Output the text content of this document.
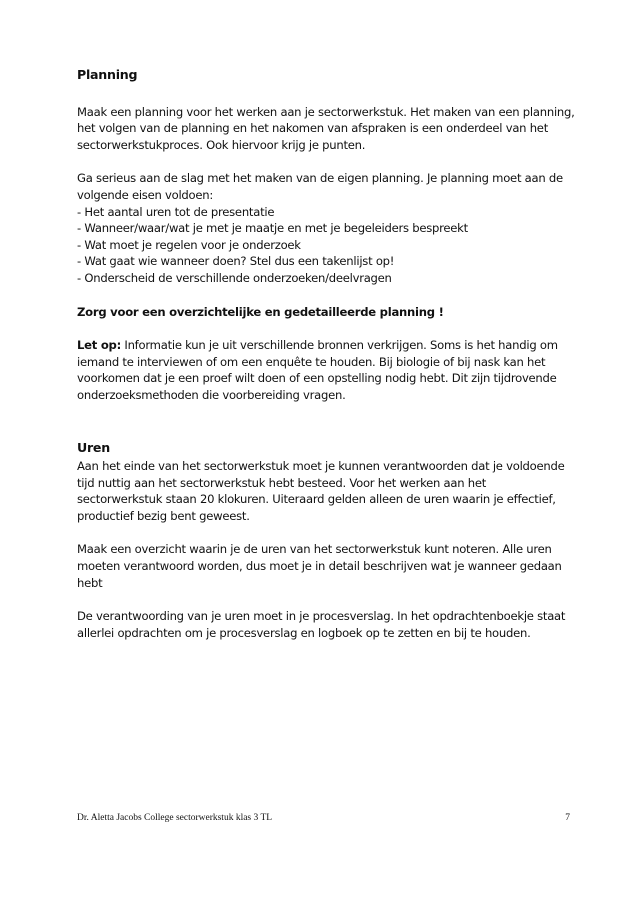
Planning

Maak een planning voor het werken aan je sectorwerkstuk. Het maken van een planning,

het volgen van de planning en het nakomen van afspraken is een onderdeel van het

sectorwerkstukproces. Ook hiervoor krijg je punten.

Ga serieus aan de slag met het maken van de eigen planning. Je planning moet aan de

volgende eisen voldoen:

- Het aantal uren tot de presentatie

- Wanneer/waar/wat je met je maatje en met je begeleiders bespreekt

- Wat moet je regelen voor je onderzoek

- Wat gaat wie wanneer doen? Stel dus een takenlijst op!

- Onderscheid de verschillende onderzoeken/deelvragen

Zorg voor een overzichtelijke en gedetailleerde planning !

Let op: Informatie kun je uit verschillende bronnen verkrijgen. Soms is het handig om

iemand te interviewen of om een enquête te houden. Bij biologie of bij nask kan het

voorkomen dat je een proef wilt doen of een opstelling nodig hebt. Dit zijn tijdrovende

onderzoeksmethoden die voorbereiding vragen.

Uren

Aan het einde van het sectorwerkstuk moet je kunnen verantwoorden dat je voldoende

tijd nuttig aan het sectorwerkstuk hebt besteed. Voor het werken aan het

sectorwerkstuk staan 20 klokuren. Uiteraard gelden alleen de uren waarin je effectief,

productief bezig bent geweest.

Maak een overzicht waarin je de uren van het sectorwerkstuk kunt noteren. Alle uren

moeten verantwoord worden, dus moet je in detail beschrijven wat je wanneer gedaan

hebt

De verantwoording van je uren moet in je procesverslag. In het opdrachtenboekje staat

allerlei opdrachten om je procesverslag en logboek op te zetten en bij te houden.

Dr. Aletta Jacobs College sectorwerkstuk klas 3 TL	7
